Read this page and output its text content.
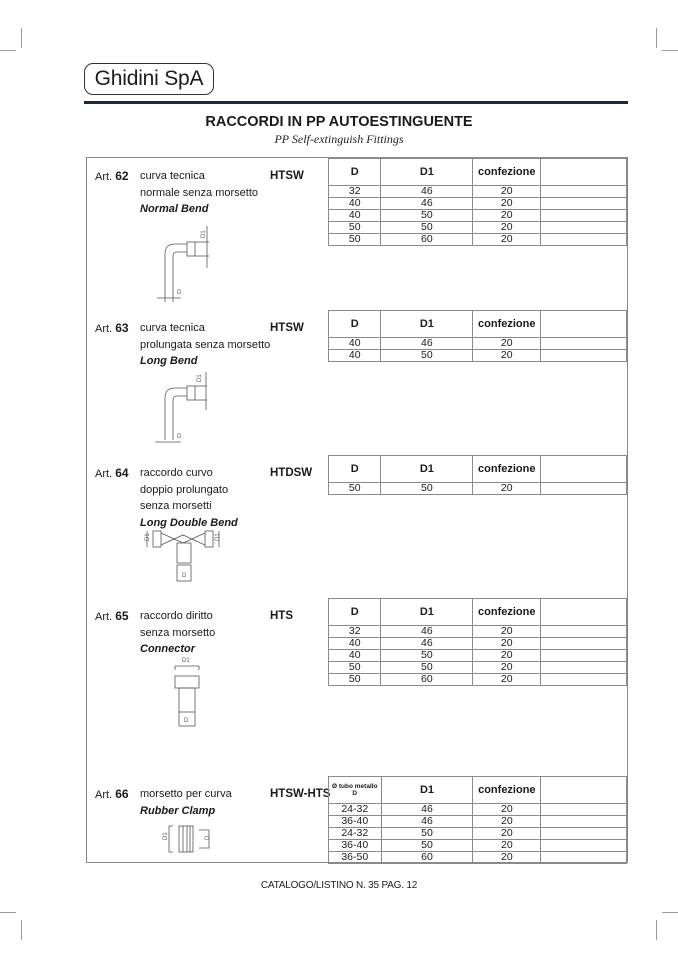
Ghidini SpA
RACCORDI IN PP AUTOESTINGUENTE
PP Self-extinguish Fittings
Art. 62 curva tecnica
normale senza morsetto
Normal Bend
HTSW
D1
D
D	D1	confezione	
32	46	20	
40	46	20	
40	50	20	
50	50	20	
50	60	20	
Art. 63 curva tecnica
prolungata senza morsetto
Long Bend
HTSW
D1
D
D	D1	confezione	
40	46	20	
40	50	20	
Art. 64 raccordo curvo
doppio prolungato
senza morsetti
Long Double Bend
HTDSW
D1	D1
D
D	D1	confezione	
50	50	20	
Art. 65 raccordo diritto
senza morsetto
Connector
HTS
D1
D
D	D1	confezione	
32	46	20	
40	46	20	
40	50	20	
50	50	20	
50	60	20	
Art. 66 morsetto per curva
Rubber Clamp
HTSW-HTS
D1	D
Ø tubo metallo D	D1	confezione	
24-32	46	20	
36-40	46	20	
24-32	50	20	
36-40	50	20	
36-50	60	20	
CATALOGO/LISTINO N. 35 PAG. 12
